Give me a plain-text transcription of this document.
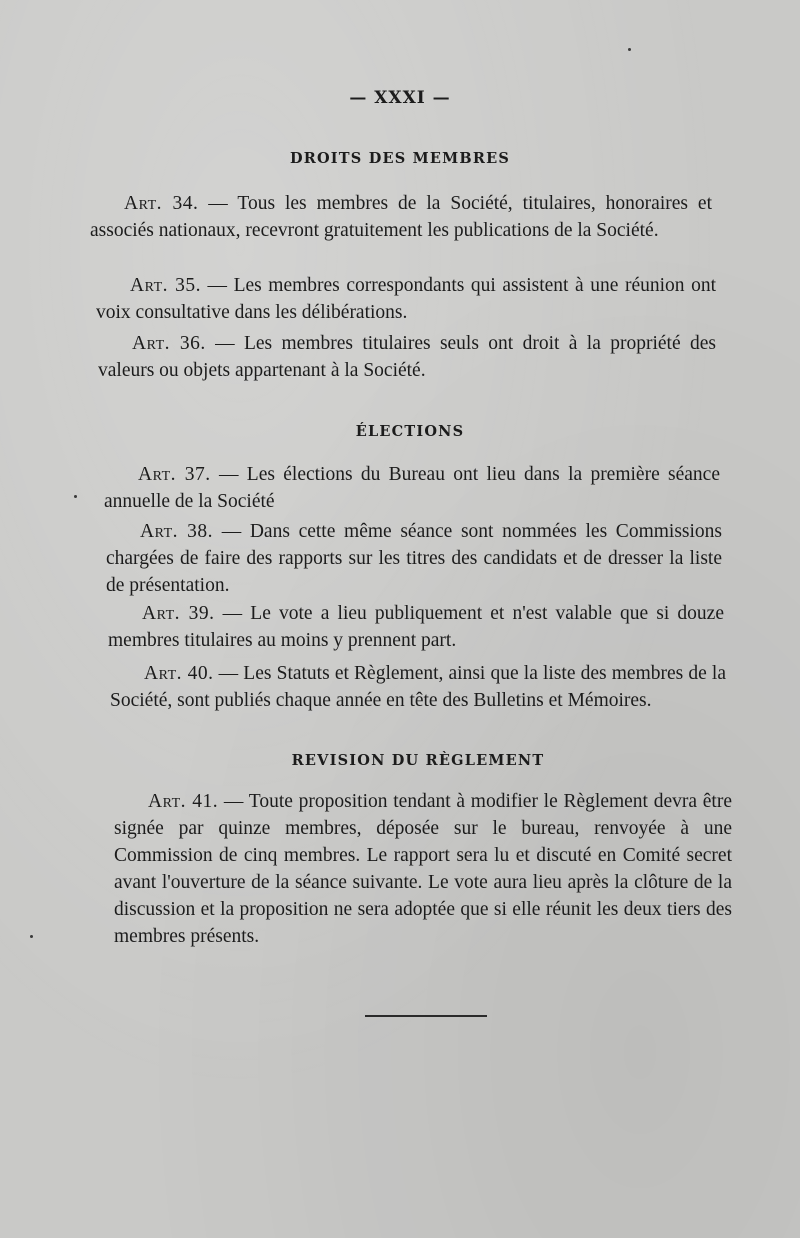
— XXXI —
DROITS DES MEMBRES

Art. 34. — Tous les membres de la Société, titulaires, honoraires et associés nationaux, recevront gratuitement les publications de la Société.

Art. 35. — Les membres correspondants qui assistent à une réunion ont voix consultative dans les délibérations.

Art. 36. — Les membres titulaires seuls ont droit à la propriété des valeurs ou objets appartenant à la Société.

ÉLECTIONS

Art. 37. — Les élections du Bureau ont lieu dans la première séance annuelle de la Société

Art. 38. — Dans cette même séance sont nommées les Commissions chargées de faire des rapports sur les titres des candidats et de dresser la liste de présentation.

Art. 39. — Le vote a lieu publiquement et n'est valable que si douze membres titulaires au moins y prennent part.

Art. 40. — Les Statuts et Règlement, ainsi que la liste des membres de la Société, sont publiés chaque année en tête des Bulletins et Mémoires.

REVISION DU RÈGLEMENT

Art. 41. — Toute proposition tendant à modifier le Règlement devra être signée par quinze membres, déposée sur le bureau, renvoyée à une Commission de cinq membres. Le rapport sera lu et discuté en Comité secret avant l'ouverture de la séance suivante. Le vote aura lieu après la clôture de la discussion et la proposition ne sera adoptée que si elle réunit les deux tiers des membres présents.
